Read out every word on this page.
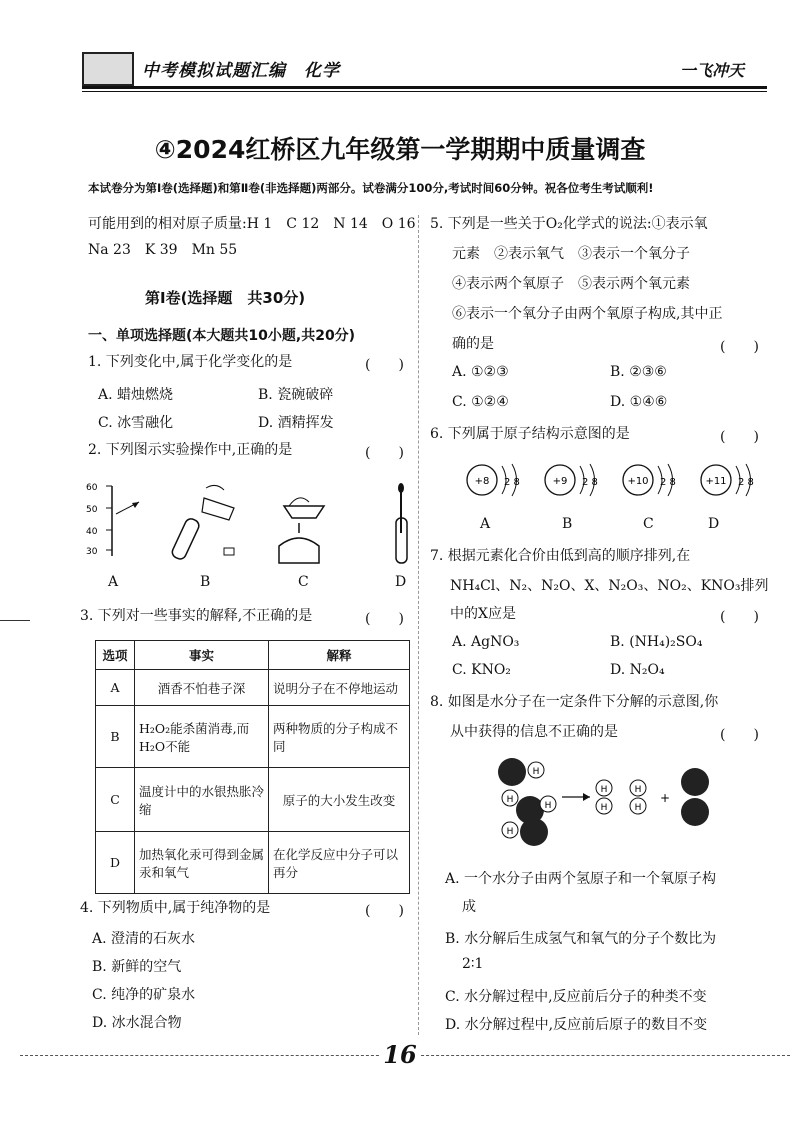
中考模拟试题汇编　化学	一飞冲天
④2024红桥区九年级第一学期期中质量调查
本试卷分为第Ⅰ卷(选择题)和第Ⅱ卷(非选择题)两部分。试卷满分100分,考试时间60分钟。祝各位考生考试顺利!
可能用到的相对原子质量:H 1　C 12　N 14　O 16
Na 23　K 39　Mn 55
第Ⅰ卷(选择题　共30分)
一、单项选择题(本大题共10小题,共20分)
1. 下列变化中,属于化学变化的是	(　　)
A. 蜡烛燃烧	B. 瓷碗破碎
C. 冰雪融化	D. 酒精挥发
2. 下列图示实验操作中,正确的是	(　　)
60
50
40
30
A	B	C	D
3. 下列对一些事实的解释,不正确的是	(　　)
选项	事实	解释
A	酒香不怕巷子深	说明分子在不停地运动
B	H₂O₂能杀菌消毒,而H₂O不能	两种物质的分子构成不同
C	温度计中的水银热胀冷缩	原子的大小发生改变
D	加热氧化汞可得到金属汞和氧气	在化学反应中分子可以再分
4. 下列物质中,属于纯净物的是	(　　)
A. 澄清的石灰水
B. 新鲜的空气
C. 纯净的矿泉水
D. 冰水混合物
5. 下列是一些关于O₂化学式的说法:①表示氧
元素　②表示氧气　③表示一个氧分子
④表示两个氧原子　⑤表示两个氧元素
⑥表示一个氧分子由两个氧原子构成,其中正
确的是	(　　)
A. ①②③	B. ②③⑥
C. ①②④	D. ①④⑥
6. 下列属于原子结构示意图的是	(　　)
+8 2 8	+9 2 8	+10 2 8	+11 2 8
A	B	C	D
7. 根据元素化合价由低到高的顺序排列,在
NH₄Cl、N₂、N₂O、X、N₂O₃、NO₂、KNO₃排列
中的X应是	(　　)
A. AgNO₃	B. (NH₄)₂SO₄
C. KNO₂	D. N₂O₄
8. 如图是水分子在一定条件下分解的示意图,你
从中获得的信息不正确的是	(　　)
H
H
H
H
H
H
H
H
+
A. 一个水分子由两个氢原子和一个氧原子构
成
B. 水分解后生成氢气和氧气的分子个数比为
2∶1
C. 水分解过程中,反应前后分子的种类不变
D. 水分解过程中,反应前后原子的数目不变
16
